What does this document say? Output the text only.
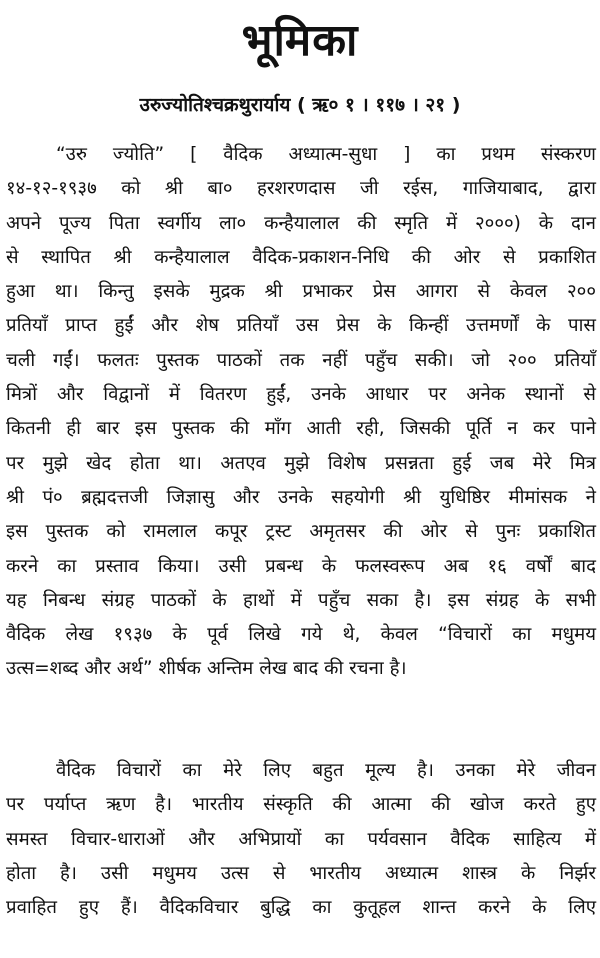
भूमिका
उरुज्योतिश्चक्रथुरार्याय ( ऋ० १ । ११७ । २१ )
“उरु ज्योति” [ वैदिक अध्यात्म-सुधा ] का प्रथम संस्करण
१४-१२-१९३७ को श्री बा० हरशरणदास जी रईस, गाजियाबाद, द्वारा
अपने पूज्य पिता स्वर्गीय ला० कन्हैयालाल की स्मृति में २०००) के दान
से स्थापित श्री कन्हैयालाल वैदिक-प्रकाशन-निधि की ओर से प्रकाशित
हुआ था। किन्तु इसके मुद्रक श्री प्रभाकर प्रेस आगरा से केवल २००
प्रतियाँ प्राप्त हुईं और शेष प्रतियाँ उस प्रेस के किन्हीं उत्तमर्णों के पास
चली गईं। फलतः पुस्तक पाठकों तक नहीं पहुँच सकी। जो २०० प्रतियाँ
मित्रों और विद्वानों में वितरण हुईं, उनके आधार पर अनेक स्थानों से
कितनी ही बार इस पुस्तक की माँग आती रही, जिसकी पूर्ति न कर पाने
पर मुझे खेद होता था। अतएव मुझे विशेष प्रसन्नता हुई जब मेरे मित्र
श्री पं० ब्रह्मदत्तजी जिज्ञासु और उनके सहयोगी श्री युधिष्ठिर मीमांसक ने
इस पुस्तक को रामलाल कपूर ट्रस्ट अमृतसर की ओर से पुनः प्रकाशित
करने का प्रस्ताव किया। उसी प्रबन्ध के फलस्वरूप अब १६ वर्षों बाद
यह निबन्ध संग्रह पाठकों के हाथों में पहुँच सका है। इस संग्रह के सभी
वैदिक लेख १९३७ के पूर्व लिखे गये थे, केवल “विचारों का मधुमय
उत्स=शब्द और अर्थ” शीर्षक अन्तिम लेख बाद की रचना है।
वैदिक विचारों का मेरे लिए बहुत मूल्य है। उनका मेरे जीवन
पर पर्याप्त ऋण है। भारतीय संस्कृति की आत्मा की खोज करते हुए
समस्त विचार-धाराओं और अभिप्रायों का पर्यवसान वैदिक साहित्य में
होता है। उसी मधुमय उत्स से भारतीय अध्यात्म शास्त्र के निर्झर
प्रवाहित हुए हैं। वैदिकविचार बुद्धि का कुतूहल शान्त करने के लिए
